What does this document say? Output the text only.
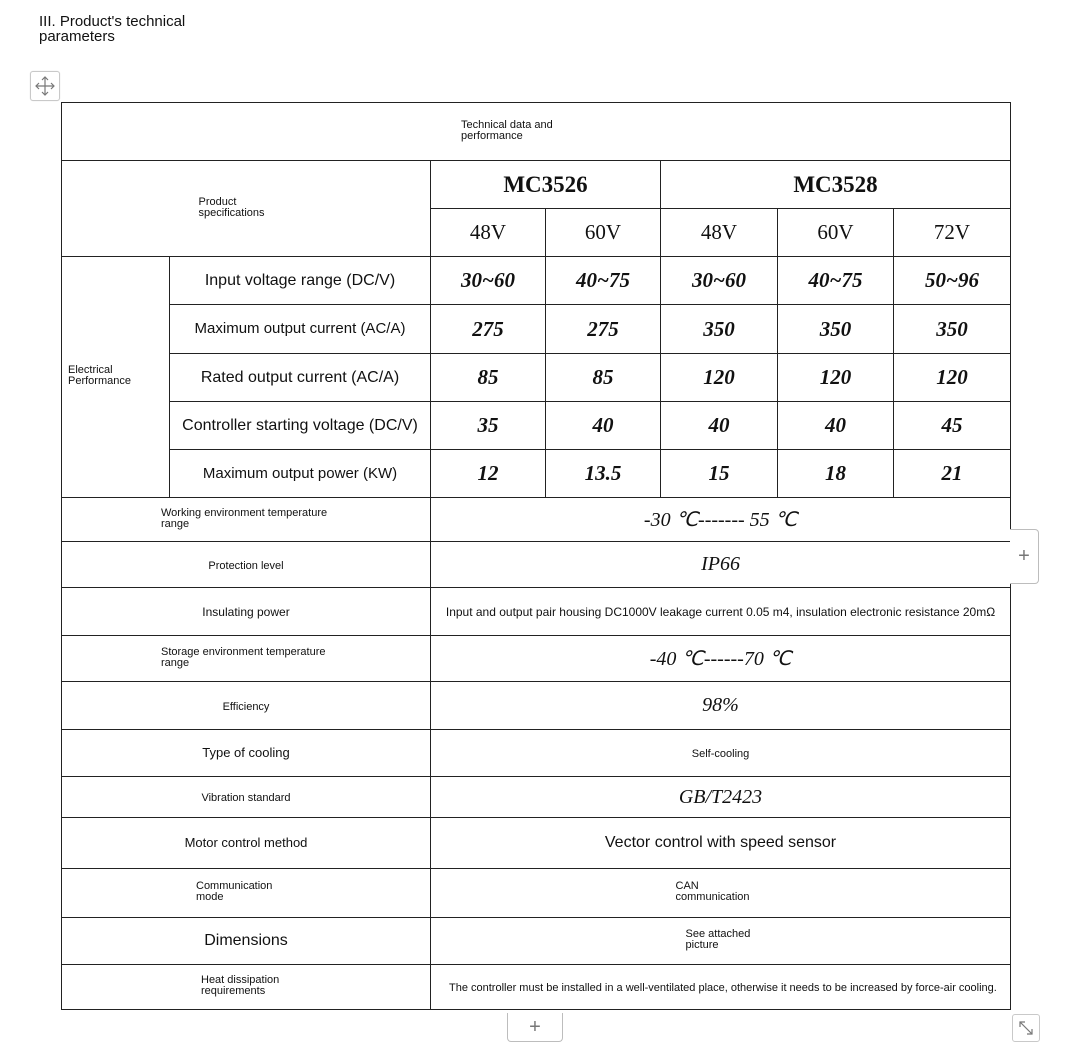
III. Product's technical parameters
Technical data and performance						
Product specifications		MC3526		MC3528		
		48V	60V	48V	60V	72V
Electrical Performance	Input voltage range (DC/V)	30~60	40~75	30~60	40~75	50~96
	Maximum output current (AC/A)	275	275	350	350	350
	Rated output current (AC/A)	85	85	120	120	120
	Controller starting voltage (DC/V)	35	40	40	40	45
	Maximum output power (KW)	12	13.5	15	18	21
Working environment temperature range		-30 ℃------- 55 ℃				
Protection level		IP66				
Insulating power		Input and output pair housing DC1000V leakage current 0.05 m4, insulation electronic resistance 20mΩ				
Storage environment temperature range		-40 ℃------70 ℃				
Efficiency		98%				
Type of cooling		Self-cooling				
Vibration standard		GB/T2423				
Motor control method		Vector control with speed sensor				
Communication mode		CAN communication				
Dimensions		See attached picture				
Heat dissipation requirements		The controller must be installed in a well-ventilated place, otherwise it needs to be increased by force-air cooling.				
+
+
